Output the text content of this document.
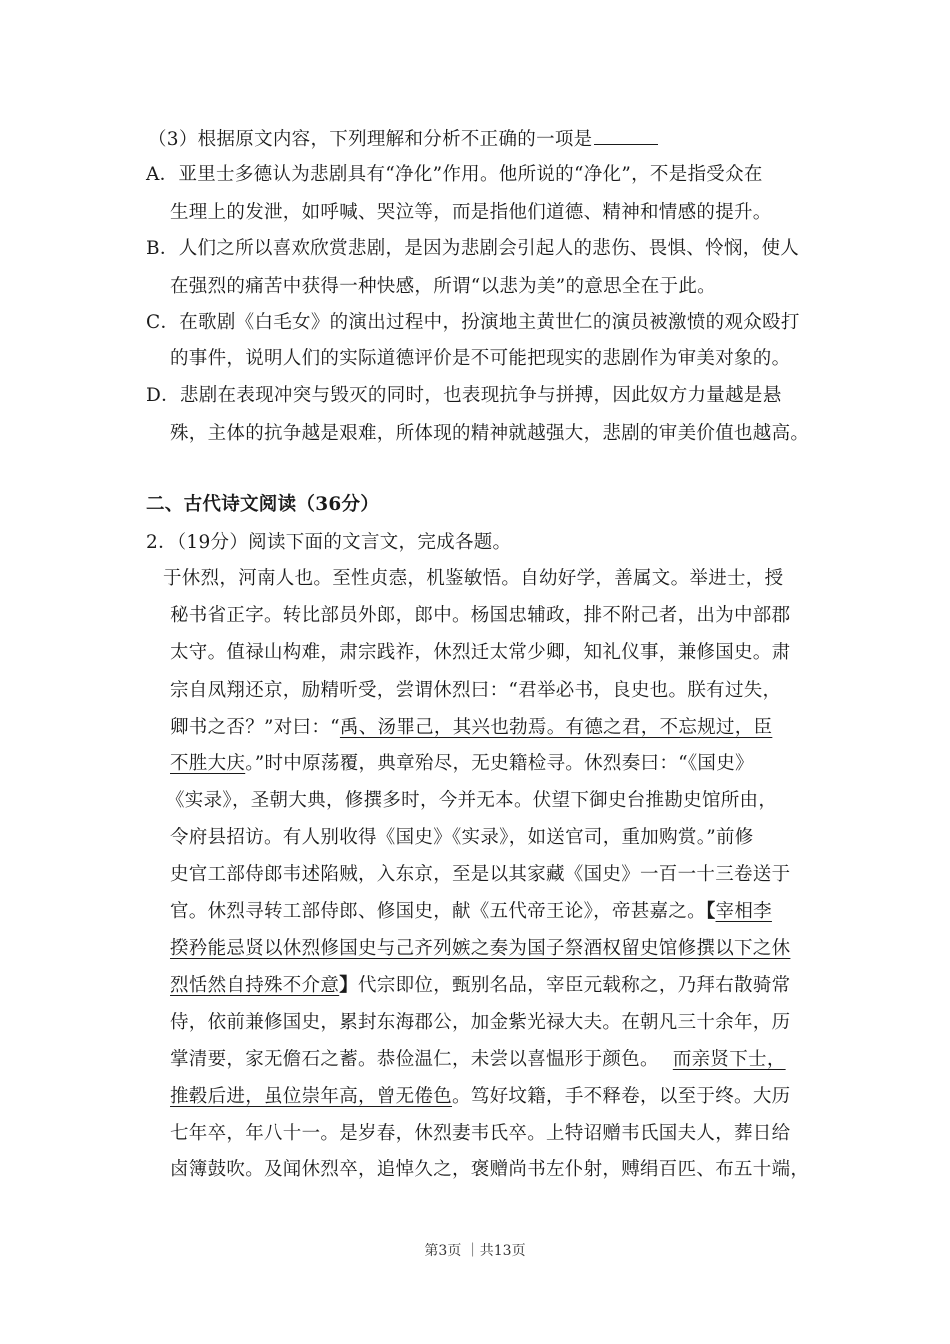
（3）根据原文内容，下列理解和分析不正确的一项是
A．亚里士多德认为悲剧具有“净化”作用。他所说的“净化”，不是指受众在
生理上的发泄，如呼喊、哭泣等，而是指他们道德、精神和情感的提升。
B．人们之所以喜欢欣赏悲剧，是因为悲剧会引起人的悲伤、畏惧、怜悯，使人
在强烈的痛苦中获得一种快感，所谓“以悲为美”的意思全在于此。
C．在歌剧《白毛女》的演出过程中，扮演地主黄世仁的演员被激愤的观众殴打
的事件，说明人们的实际道德评价是不可能把现实的悲剧作为审美对象的。
D．悲剧在表现冲突与毁灭的同时，也表现抗争与拼搏，因此奴方力量越是悬
殊，主体的抗争越是艰难，所体现的精神就越强大，悲剧的审美价值也越高。
二、古代诗文阅读（36分）
2．（19分）阅读下面的文言文，完成各题。
于休烈，河南人也。至性贞悫，机鉴敏悟。自幼好学，善属文。举进士，授
秘书省正字。转比部员外郎，郎中。杨国忠辅政，排不附己者，出为中部郡
太守。值禄山构难，肃宗践祚，休烈迁太常少卿，知礼仪事，兼修国史。肃
宗自凤翔还京，励精听受，尝谓休烈曰：“君举必书，良史也。朕有过失，
卿书之否？”对曰：“禹、汤罪己，其兴也勃焉。有德之君，不忘规过，臣
不胜大庆。”时中原荡覆，典章殆尽，无史籍检寻。休烈奏曰：“《国史》
《实录》，圣朝大典，修撰多时，今并无本。伏望下御史台推勘史馆所由，
令府县招访。有人别收得《国史》《实录》，如送官司，重加购赏。”前修
史官工部侍郎韦述陷贼，入东京，至是以其家藏《国史》一百一十三卷送于
官。休烈寻转工部侍郎、修国史，献《五代帝王论》，帝甚嘉之。【宰相李
揆矜能忌贤以休烈修国史与己齐列嫉之奏为国子祭酒权留史馆修撰以下之休
烈恬然自持殊不介意】代宗即位，甄别名品，宰臣元载称之，乃拜右散骑常
侍，依前兼修国史，累封东海郡公，加金紫光禄大夫。在朝凡三十余年，历
掌清要，家无儋石之蓄。恭俭温仁，未尝以喜愠形于颜色。 而亲贤下士，
推毂后进，虽位崇年高，曾无倦色。笃好坟籍，手不释卷，以至于终。大历
七年卒，年八十一。是岁春，休烈妻韦氏卒。上特诏赠韦氏国夫人，葬日给
卤簿鼓吹。及闻休烈卒，追悼久之，褒赠尚书左仆射，赙绢百匹、布五十端，
第3页 ｜共13页
